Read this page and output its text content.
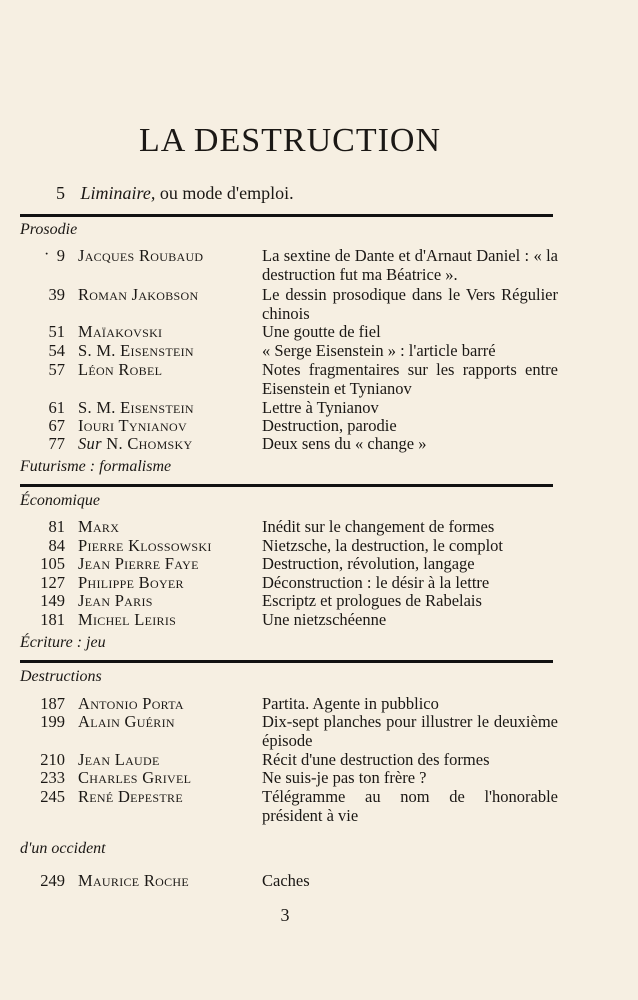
LA DESTRUCTION
5 Liminaire, ou mode d'emploi.
Prosodie
· 9 Jacques Roubaud	La sextine de Dante et d'Arnaut Daniel : « la destruction fut ma Béatrice ».
39 Roman Jakobson	Le dessin prosodique dans le Vers Régulier chinois
51 Maïakovski	Une goutte de fiel
54 S. M. Eisenstein	« Serge Eisenstein » : l'article barré
57 Léon Robel	Notes fragmentaires sur les rapports entre Eisenstein et Tynianov
61 S. M. Eisenstein	Lettre à Tynianov
67 Iouri Tynianov	Destruction, parodie
77 Sur N. Chomsky	Deux sens du « change »
Futurisme : formalisme
Économique
81 Marx	Inédit sur le changement de formes
84 Pierre Klossowski	Nietzsche, la destruction, le complot
105 Jean Pierre Faye	Destruction, révolution, langage
127 Philippe Boyer	Déconstruction : le désir à la lettre
149 Jean Paris	Escriptz et prologues de Rabelais
181 Michel Leiris	Une nietzschéenne
Écriture : jeu
Destructions
187 Antonio Porta	Partita. Agente in pubblico
199 Alain Guérin	Dix-sept planches pour illustrer le deuxième épisode
210 Jean Laude	Récit d'une destruction des formes
233 Charles Grivel	Ne suis-je pas ton frère ?
245 René Depestre	Télégramme au nom de l'honorable président à vie
d'un occident
249 Maurice Roche	Caches
3
